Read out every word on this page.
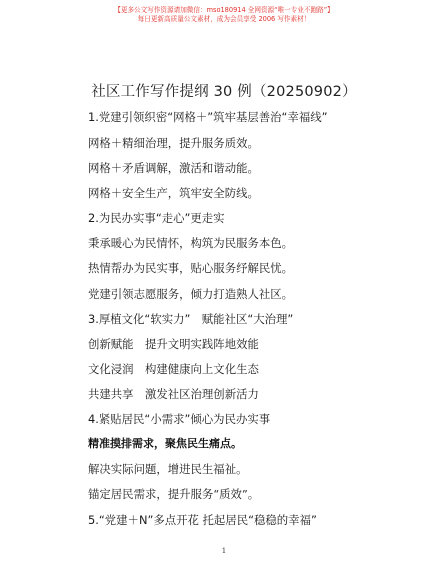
【更多公文写作资源请加微信：mso180914 全网资源“唯一专业不跑路”】
每日更新高质量公文素材，成为会员享受 2006 写作素材！
社区工作写作提纲 30 例（20250902）
1.党建引领织密“网格＋”筑牢基层善治“幸福线”
网格＋精细治理，提升服务质效。
网格＋矛盾调解，激活和谐动能。
网格＋安全生产，筑牢安全防线。
2.为民办实事“走心”更走实
秉承暖心为民情怀，构筑为民服务本色。
热情帮办为民实事，贴心服务纾解民忧。
党建引领志愿服务，倾力打造熟人社区。
3.厚植文化“软实力”　赋能社区“大治理”
创新赋能　提升文明实践阵地效能
文化浸润　构建健康向上文化生态
共建共享　激发社区治理创新活力
4.紧贴居民“小需求”倾心为民办实事
精准摸排需求，聚焦民生痛点。
解决实际问题，增进民生福祉。
锚定居民需求，提升服务“质效”。
5.“党建＋N”多点开花 托起居民“稳稳的幸福”
1
